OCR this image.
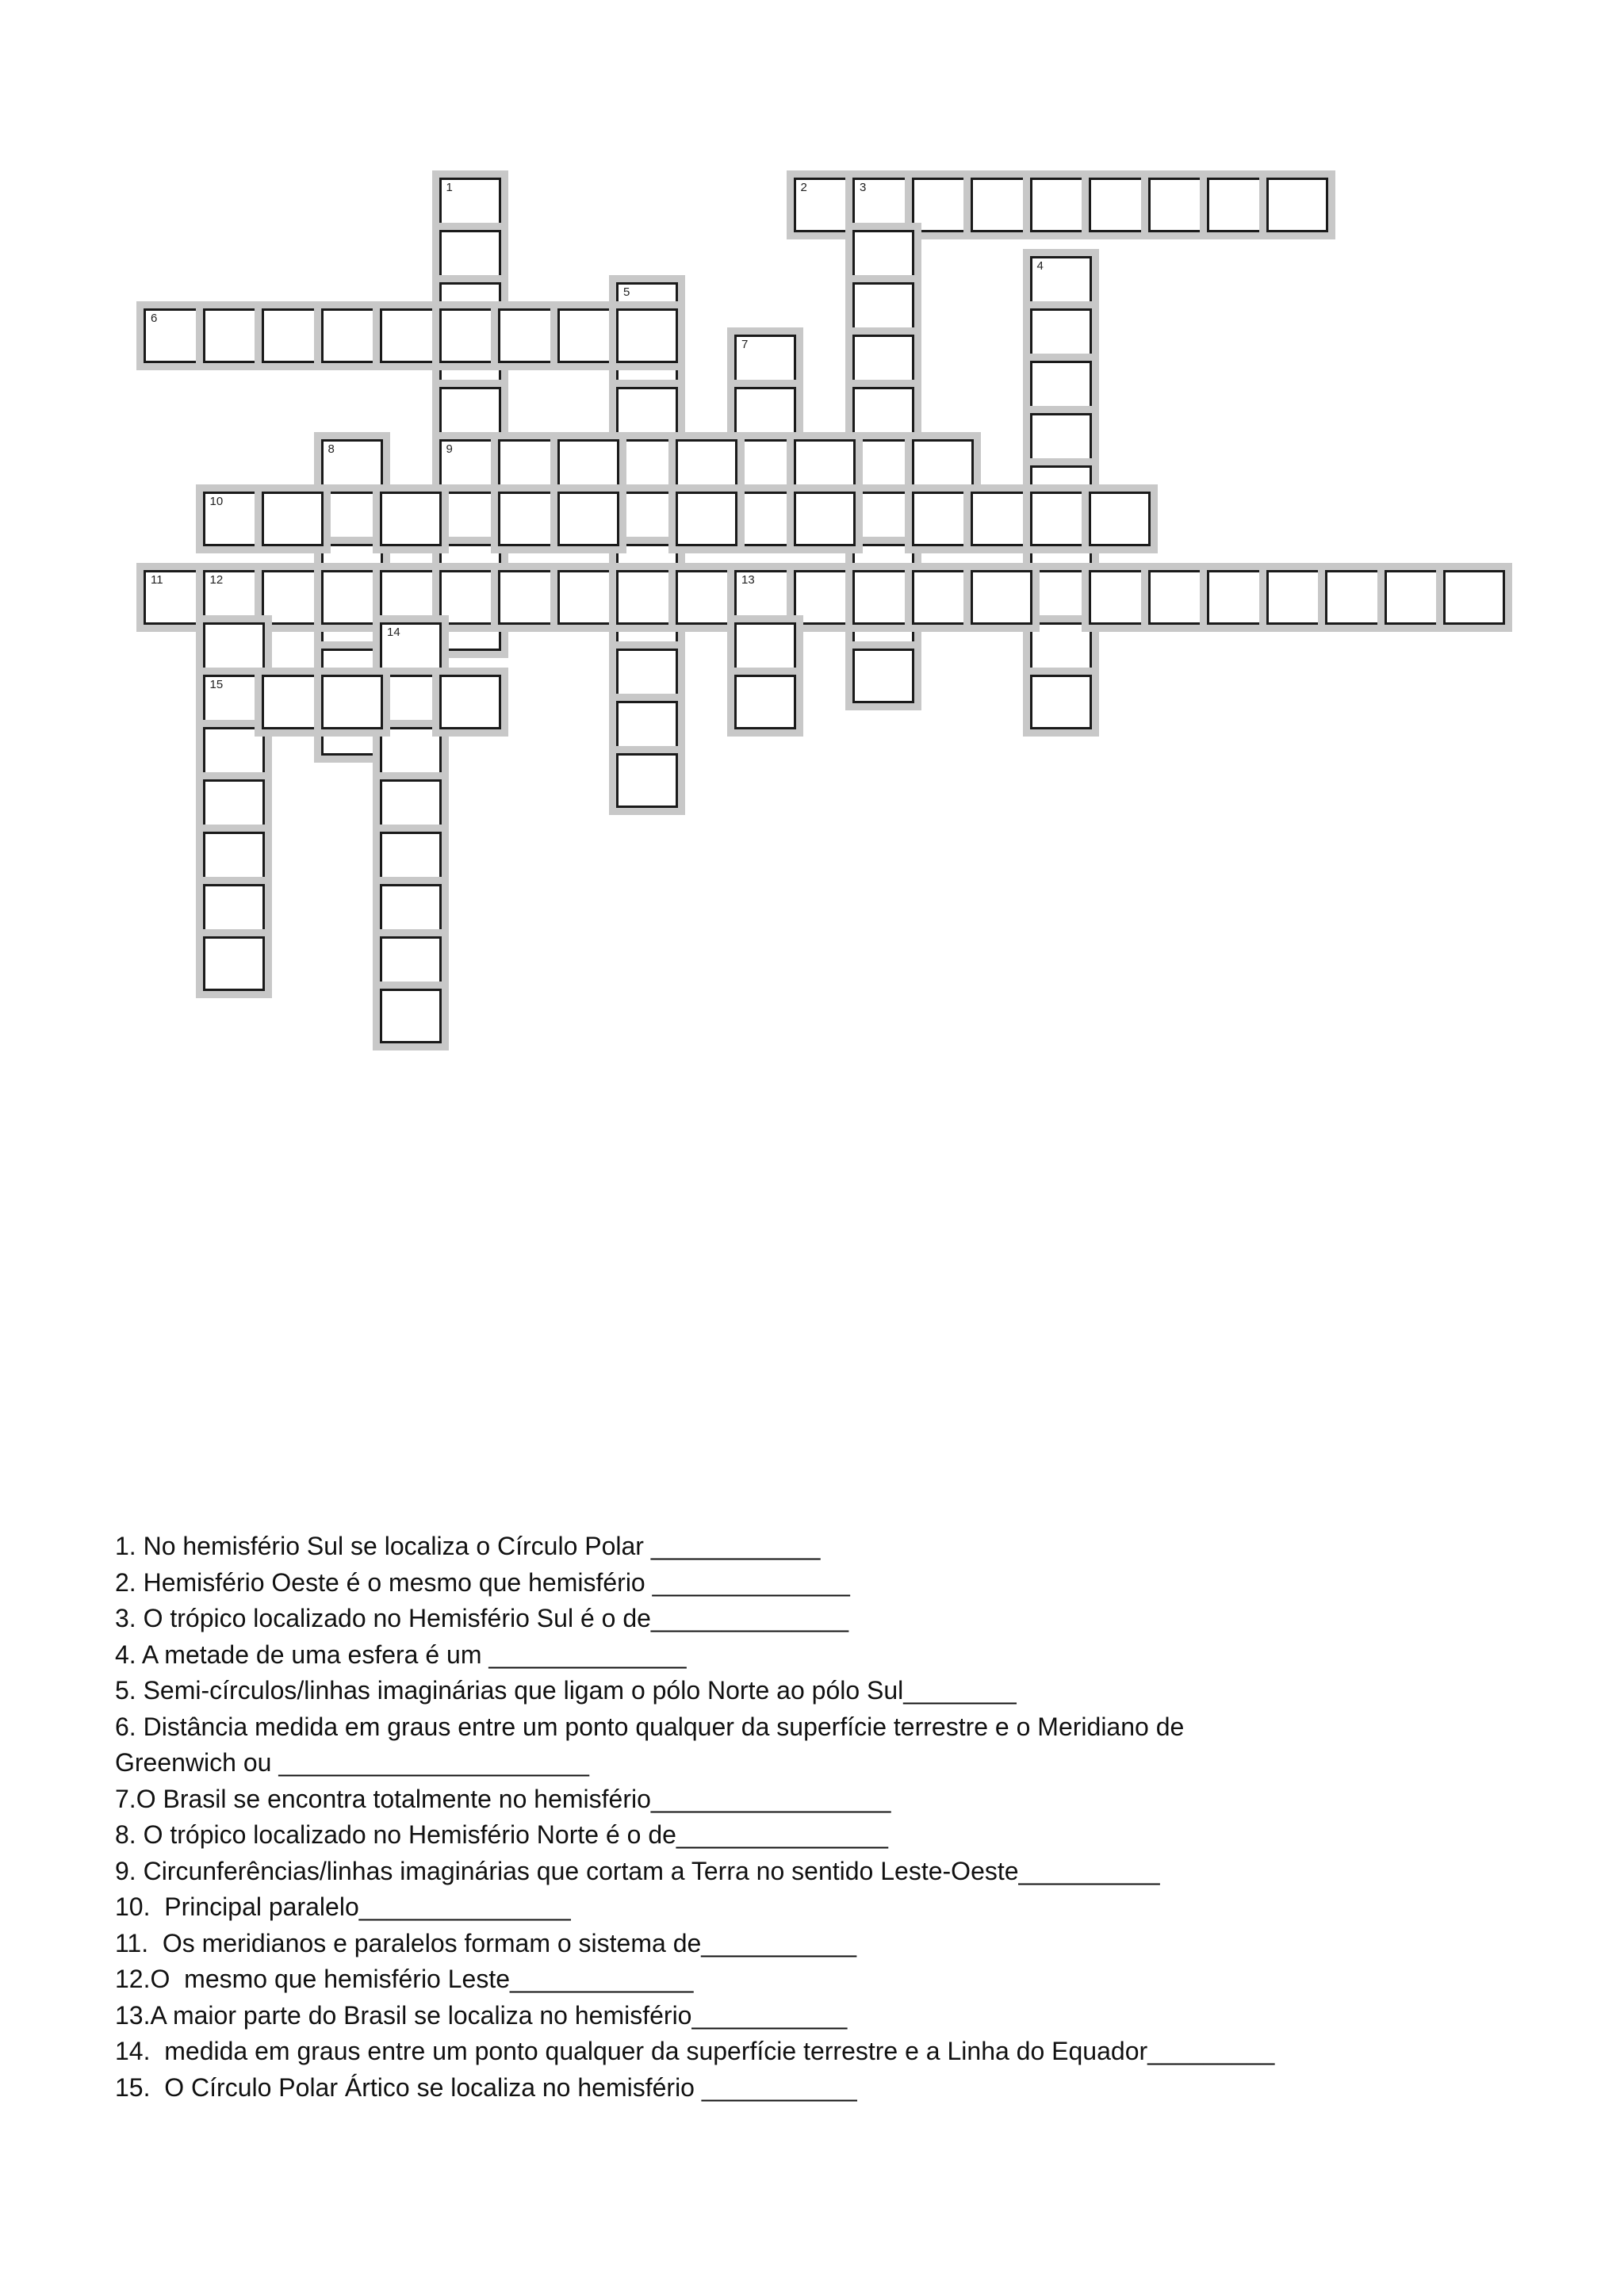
1
9
2	3
4
5
6
7
8
10
11	12	13
15
14

1. No hemisfério Sul se localiza o Círculo Polar ____________

2. Hemisfério Oeste é o mesmo que hemisfério ______________

3. O trópico localizado no Hemisfério Sul é o de______________

4. A metade de uma esfera é um ______________

5. Semi-círculos/linhas imaginárias que ligam o pólo Norte ao pólo Sul________

6. Distância medida em graus entre um ponto qualquer da superfície terrestre e o Meridiano de

Greenwich ou ______________________

7.O Brasil se encontra totalmente no hemisfério_________________

8. O trópico localizado no Hemisfério Norte é o de_______________

9. Circunferências/linhas imaginárias que cortam a Terra no sentido Leste-Oeste__________

10.  Principal paralelo_______________

11.  Os meridianos e paralelos formam o sistema de___________

12.O  mesmo que hemisfério Leste_____________

13.A maior parte do Brasil se localiza no hemisfério___________

14.  medida em graus entre um ponto qualquer da superfície terrestre e a Linha do Equador_________

15.  O Círculo Polar Ártico se localiza no hemisfério ___________
